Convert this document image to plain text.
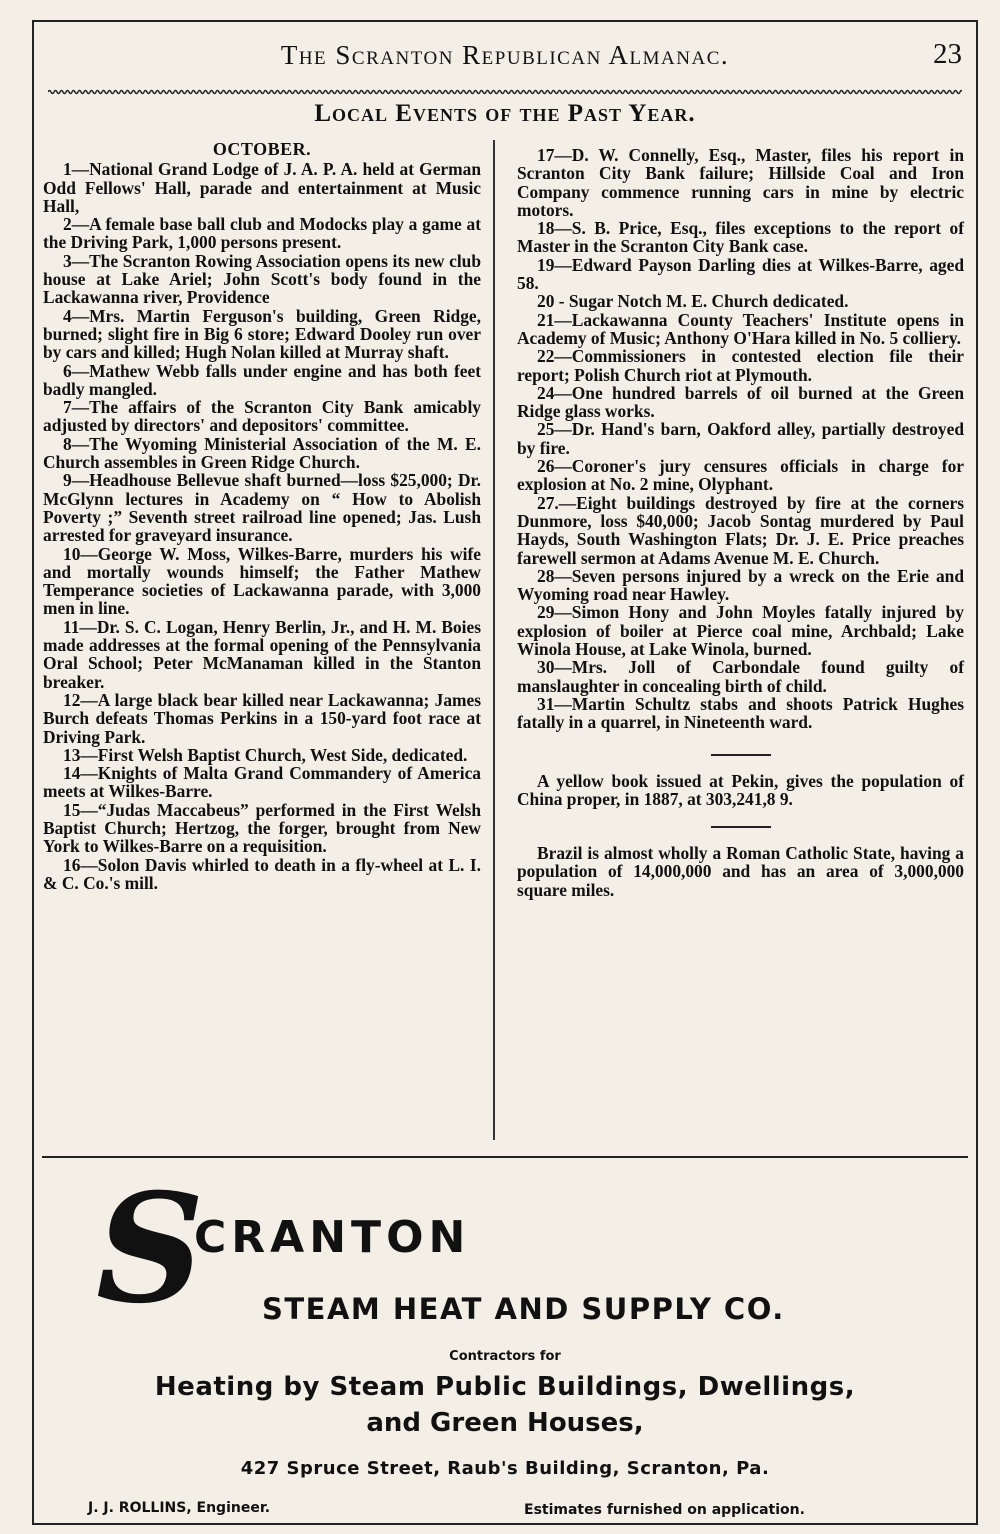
The Scranton Republican Almanac.	23
Local Events of the Past Year.

OCTOBER.

1—National Grand Lodge of J. A. P. A. held at German Odd Fellows' Hall, parade and entertainment at Music Hall,

2—A female base ball club and Modocks play a game at the Driving Park, 1,000 persons present.

3—The Scranton Rowing Association opens its new club house at Lake Ariel; John Scott's body found in the Lackawanna river, Providence

4—Mrs. Martin Ferguson's building, Green Ridge, burned; slight fire in Big 6 store; Edward Dooley run over by cars and killed; Hugh Nolan killed at Murray shaft.

6—Mathew Webb falls under engine and has both feet badly mangled.

7—The affairs of the Scranton City Bank amicably adjusted by directors' and depositors' committee.

8—The Wyoming Ministerial Association of the M. E. Church assembles in Green Ridge Church.

9—Headhouse Bellevue shaft burned—loss $25,000; Dr. McGlynn lectures in Academy on “ How to Abolish Poverty ;” Seventh street railroad line opened; Jas. Lush arrested for graveyard insurance.

10—George W. Moss, Wilkes-Barre, murders his wife and mortally wounds himself; the Father Mathew Temperance societies of Lackawanna parade, with 3,000 men in line.

11—Dr. S. C. Logan, Henry Berlin, Jr., and H. M. Boies made addresses at the formal opening of the Pennsylvania Oral School; Peter McManaman killed in the Stanton breaker.

12—A large black bear killed near Lackawanna; James Burch defeats Thomas Perkins in a 150-yard foot race at Driving Park.

13—First Welsh Baptist Church, West Side, dedicated.

14—Knights of Malta Grand Commandery of America meets at Wilkes-Barre.

15—“Judas Maccabeus” performed in the First Welsh Baptist Church; Hertzog, the forger, brought from New York to Wilkes-Barre on a requisition.

16—Solon Davis whirled to death in a fly-wheel at L. I. & C. Co.'s mill.

17—D. W. Connelly, Esq., Master, files his report in Scranton City Bank failure; Hillside Coal and Iron Company commence running cars in mine by electric motors.

18—S. B. Price, Esq., files exceptions to the report of Master in the Scranton City Bank case.

19—Edward Payson Darling dies at Wilkes-Barre, aged 58.

20 - Sugar Notch M. E. Church dedicated.

21—Lackawanna County Teachers' Institute opens in Academy of Music; Anthony O'Hara killed in No. 5 colliery.

22—Commissioners in contested election file their report; Polish Church riot at Plymouth.

24—One hundred barrels of oil burned at the Green Ridge glass works.

25—Dr. Hand's barn, Oakford alley, partially destroyed by fire.

26—Coroner's jury censures officials in charge for explosion at No. 2 mine, Olyphant.

27.—Eight buildings destroyed by fire at the corners Dunmore, loss $40,000; Jacob Sontag murdered by Paul Hayds, South Washington Flats; Dr. J. E. Price preaches farewell sermon at Adams Avenue M. E. Church.

28—Seven persons injured by a wreck on the Erie and Wyoming road near Hawley.

29—Simon Hony and John Moyles fatally injured by explosion of boiler at Pierce coal mine, Archbald; Lake Winola House, at Lake Winola, burned.

30—Mrs. Joll of Carbondale found guilty of manslaughter in concealing birth of child.

31—Martin Schultz stabs and shoots Patrick Hughes fatally in a quarrel, in Nineteenth ward.

A yellow book issued at Pekin, gives the population of China proper, in 1887, at 303,241,8 9.

Brazil is almost wholly a Roman Catholic State, having a population of 14,000,000 and has an area of 3,000,000 square miles.

S
CRANTON
STEAM HEAT AND SUPPLY CO.
Contractors for
Heating by Steam Public Buildings, Dwellings,
and Green Houses,
427 Spruce Street, Raub's Building, Scranton, Pa.
J. J. ROLLINS, Engineer.	Estimates furnished on application.
